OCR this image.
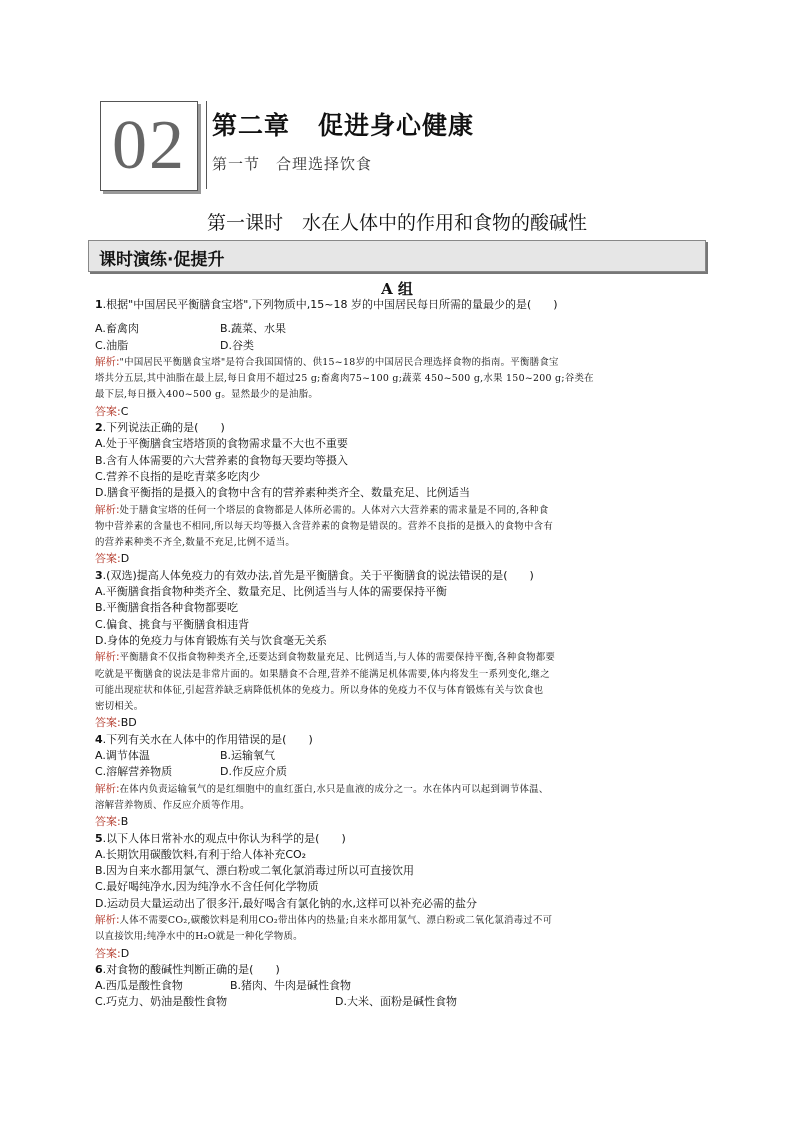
02	第二章 促进身心健康
第一节　合理选择饮食
第一课时　水在人体中的作用和食物的酸碱性
课时演练·促提升
A 组
1.根据"中国居民平衡膳食宝塔",下列物质中,15~18 岁的中国居民每日所需的量最少的是(　　)
A.畜禽肉	B.蔬菜、水果
C.油脂	D.谷类
解析:"中国居民平衡膳食宝塔"是符合我国国情的、供15~18岁的中国居民合理选择食物的指南。平衡膳食宝
塔共分五层,其中油脂在最上层,每日食用不超过25 g;畜禽肉75~100 g;蔬菜 450~500 g,水果 150~200 g;谷类在
最下层,每日摄入400~500 g。显然最少的是油脂。
答案:C
2.下列说法正确的是(　　)
A.处于平衡膳食宝塔塔顶的食物需求量不大也不重要
B.含有人体需要的六大营养素的食物每天要均等摄入
C.营养不良指的是吃青菜多吃肉少
D.膳食平衡指的是摄入的食物中含有的营养素种类齐全、数量充足、比例适当
解析:处于膳食宝塔的任何一个塔层的食物都是人体所必需的。人体对六大营养素的需求量是不同的,各种食
物中营养素的含量也不相同,所以每天均等摄入含营养素的食物是错误的。营养不良指的是摄入的食物中含有
的营养素种类不齐全,数量不充足,比例不适当。
答案:D
3.(双选)提高人体免疫力的有效办法,首先是平衡膳食。关于平衡膳食的说法错误的是(　　)
A.平衡膳食指食物种类齐全、数量充足、比例适当与人体的需要保持平衡
B.平衡膳食指各种食物都要吃
C.偏食、挑食与平衡膳食相违背
D.身体的免疫力与体育锻炼有关与饮食毫无关系
解析:平衡膳食不仅指食物种类齐全,还要达到食物数量充足、比例适当,与人体的需要保持平衡,各种食物都要
吃就是平衡膳食的说法是非常片面的。如果膳食不合理,营养不能满足机体需要,体内将发生一系列变化,继之
可能出现症状和体征,引起营养缺乏病降低机体的免疫力。所以身体的免疫力不仅与体育锻炼有关与饮食也
密切相关。
答案:BD
4.下列有关水在人体中的作用错误的是(　　)
A.调节体温	B.运输氧气
C.溶解营养物质	D.作反应介质
解析:在体内负责运输氧气的是红细胞中的血红蛋白,水只是血液的成分之一。水在体内可以起到调节体温、
溶解营养物质、作反应介质等作用。
答案:B
5.以下人体日常补水的观点中你认为科学的是(　　)
A.长期饮用碳酸饮料,有利于给人体补充CO₂
B.因为自来水都用氯气、漂白粉或二氧化氯消毒过所以可直接饮用
C.最好喝纯净水,因为纯净水不含任何化学物质
D.运动员大量运动出了很多汗,最好喝含有氯化钠的水,这样可以补充必需的盐分
解析:人体不需要CO₂,碳酸饮料是利用CO₂带出体内的热量;自来水都用氯气、漂白粉或二氧化氯消毒过不可
以直接饮用;纯净水中的H₂O就是一种化学物质。
答案:D
6.对食物的酸碱性判断正确的是(　　)
A.西瓜是酸性食物	B.猪肉、牛肉是碱性食物
C.巧克力、奶油是酸性食物	D.大米、面粉是碱性食物
